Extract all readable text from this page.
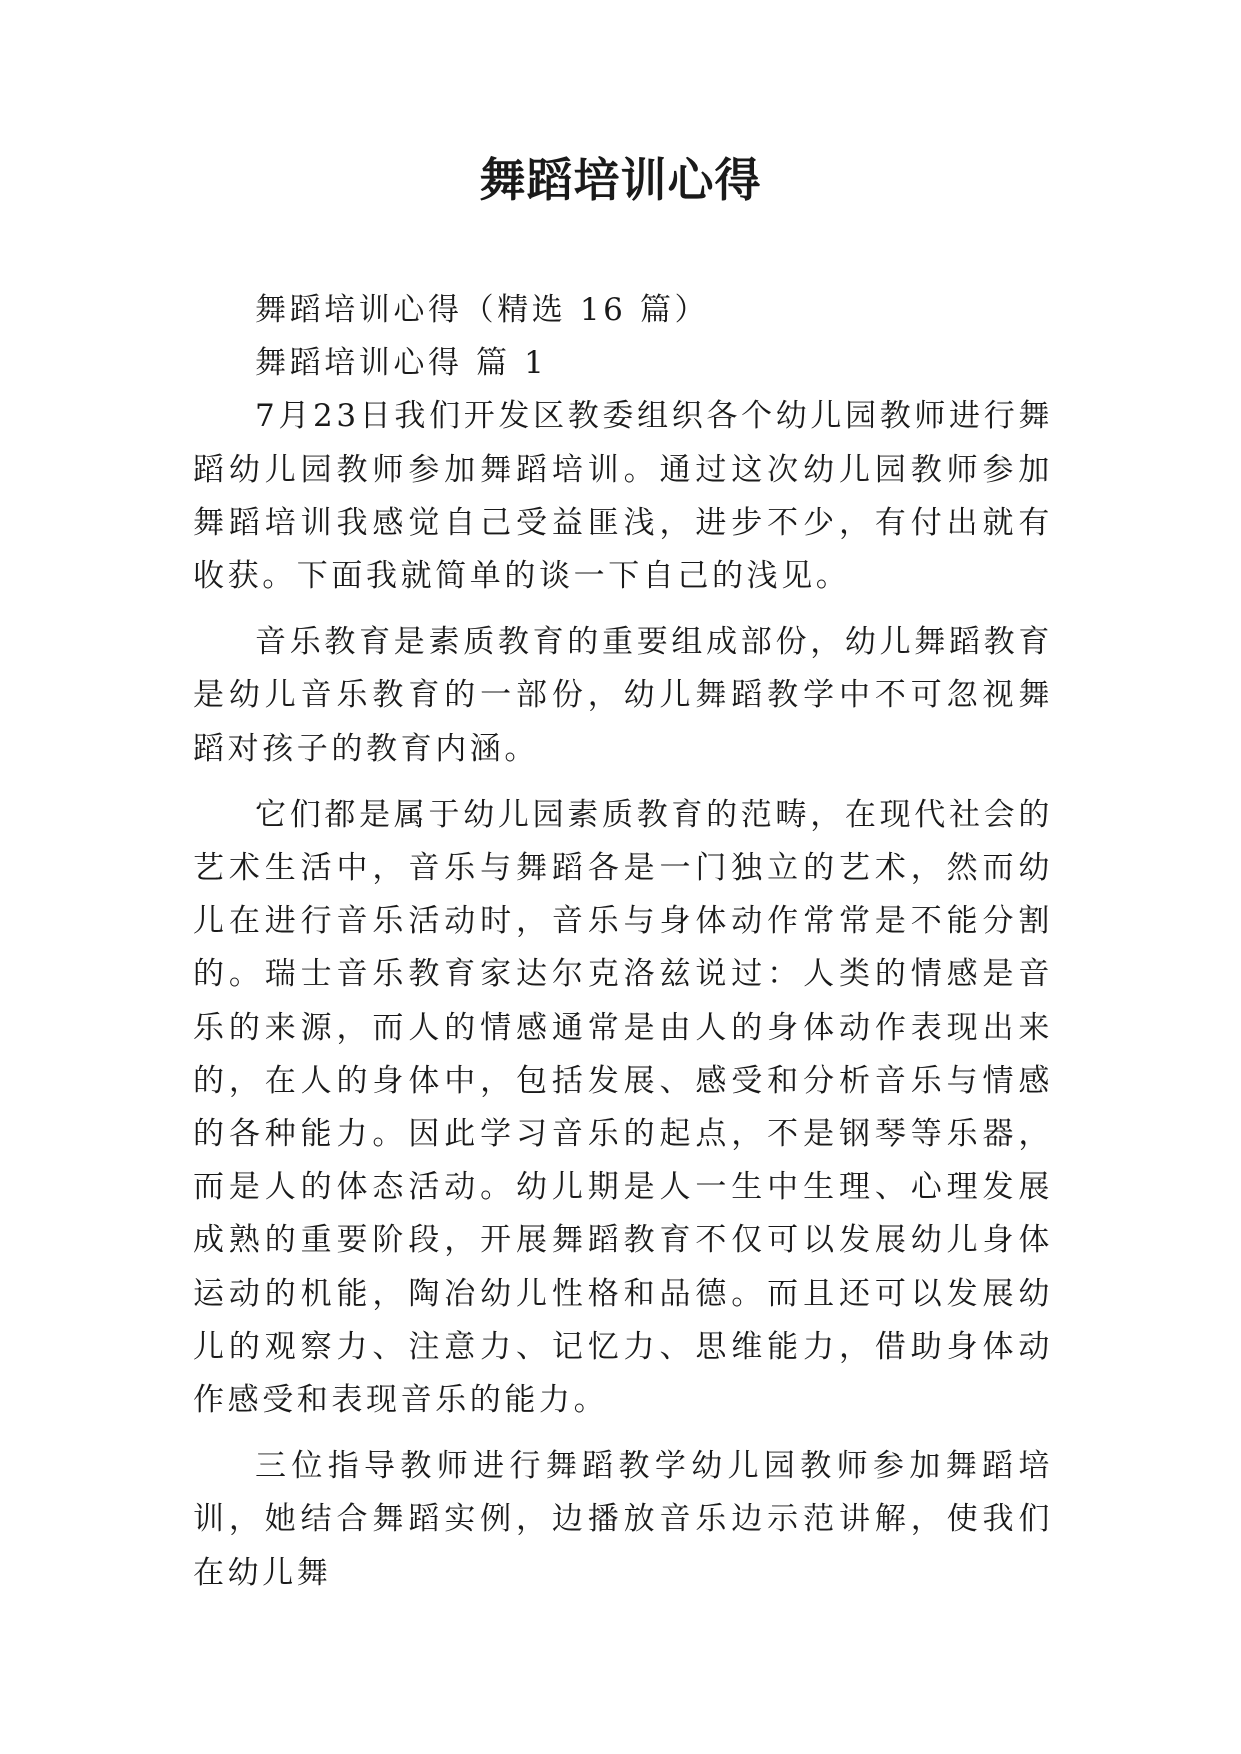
舞蹈培训心得

舞蹈培训心得（精选 16 篇）

舞蹈培训心得 篇 1

7月23日我们开发区教委组织各个幼儿园教师进行舞蹈幼儿园教师参加舞蹈培训。通过这次幼儿园教师参加舞蹈培训我感觉自己受益匪浅，进步不少，有付出就有收获。下面我就简单的谈一下自己的浅见。

音乐教育是素质教育的重要组成部份，幼儿舞蹈教育是幼儿音乐教育的一部份，幼儿舞蹈教学中不可忽视舞蹈对孩子的教育内涵。

它们都是属于幼儿园素质教育的范畴，在现代社会的艺术生活中，音乐与舞蹈各是一门独立的艺术，然而幼儿在进行音乐活动时，音乐与身体动作常常是不能分割的。瑞士音乐教育家达尔克洛兹说过：人类的情感是音乐的来源，而人的情感通常是由人的身体动作表现出来的，在人的身体中，包括发展、感受和分析音乐与情感的各种能力。因此学习音乐的起点，不是钢琴等乐器，而是人的体态活动。幼儿期是人一生中生理、心理发展成熟的重要阶段，开展舞蹈教育不仅可以发展幼儿身体运动的机能，陶冶幼儿性格和品德。而且还可以发展幼儿的观察力、注意力、记忆力、思维能力，借助身体动作感受和表现音乐的能力。

三位指导教师进行舞蹈教学幼儿园教师参加舞蹈培训，她结合舞蹈实例，边播放音乐边示范讲解，使我们在幼儿舞
